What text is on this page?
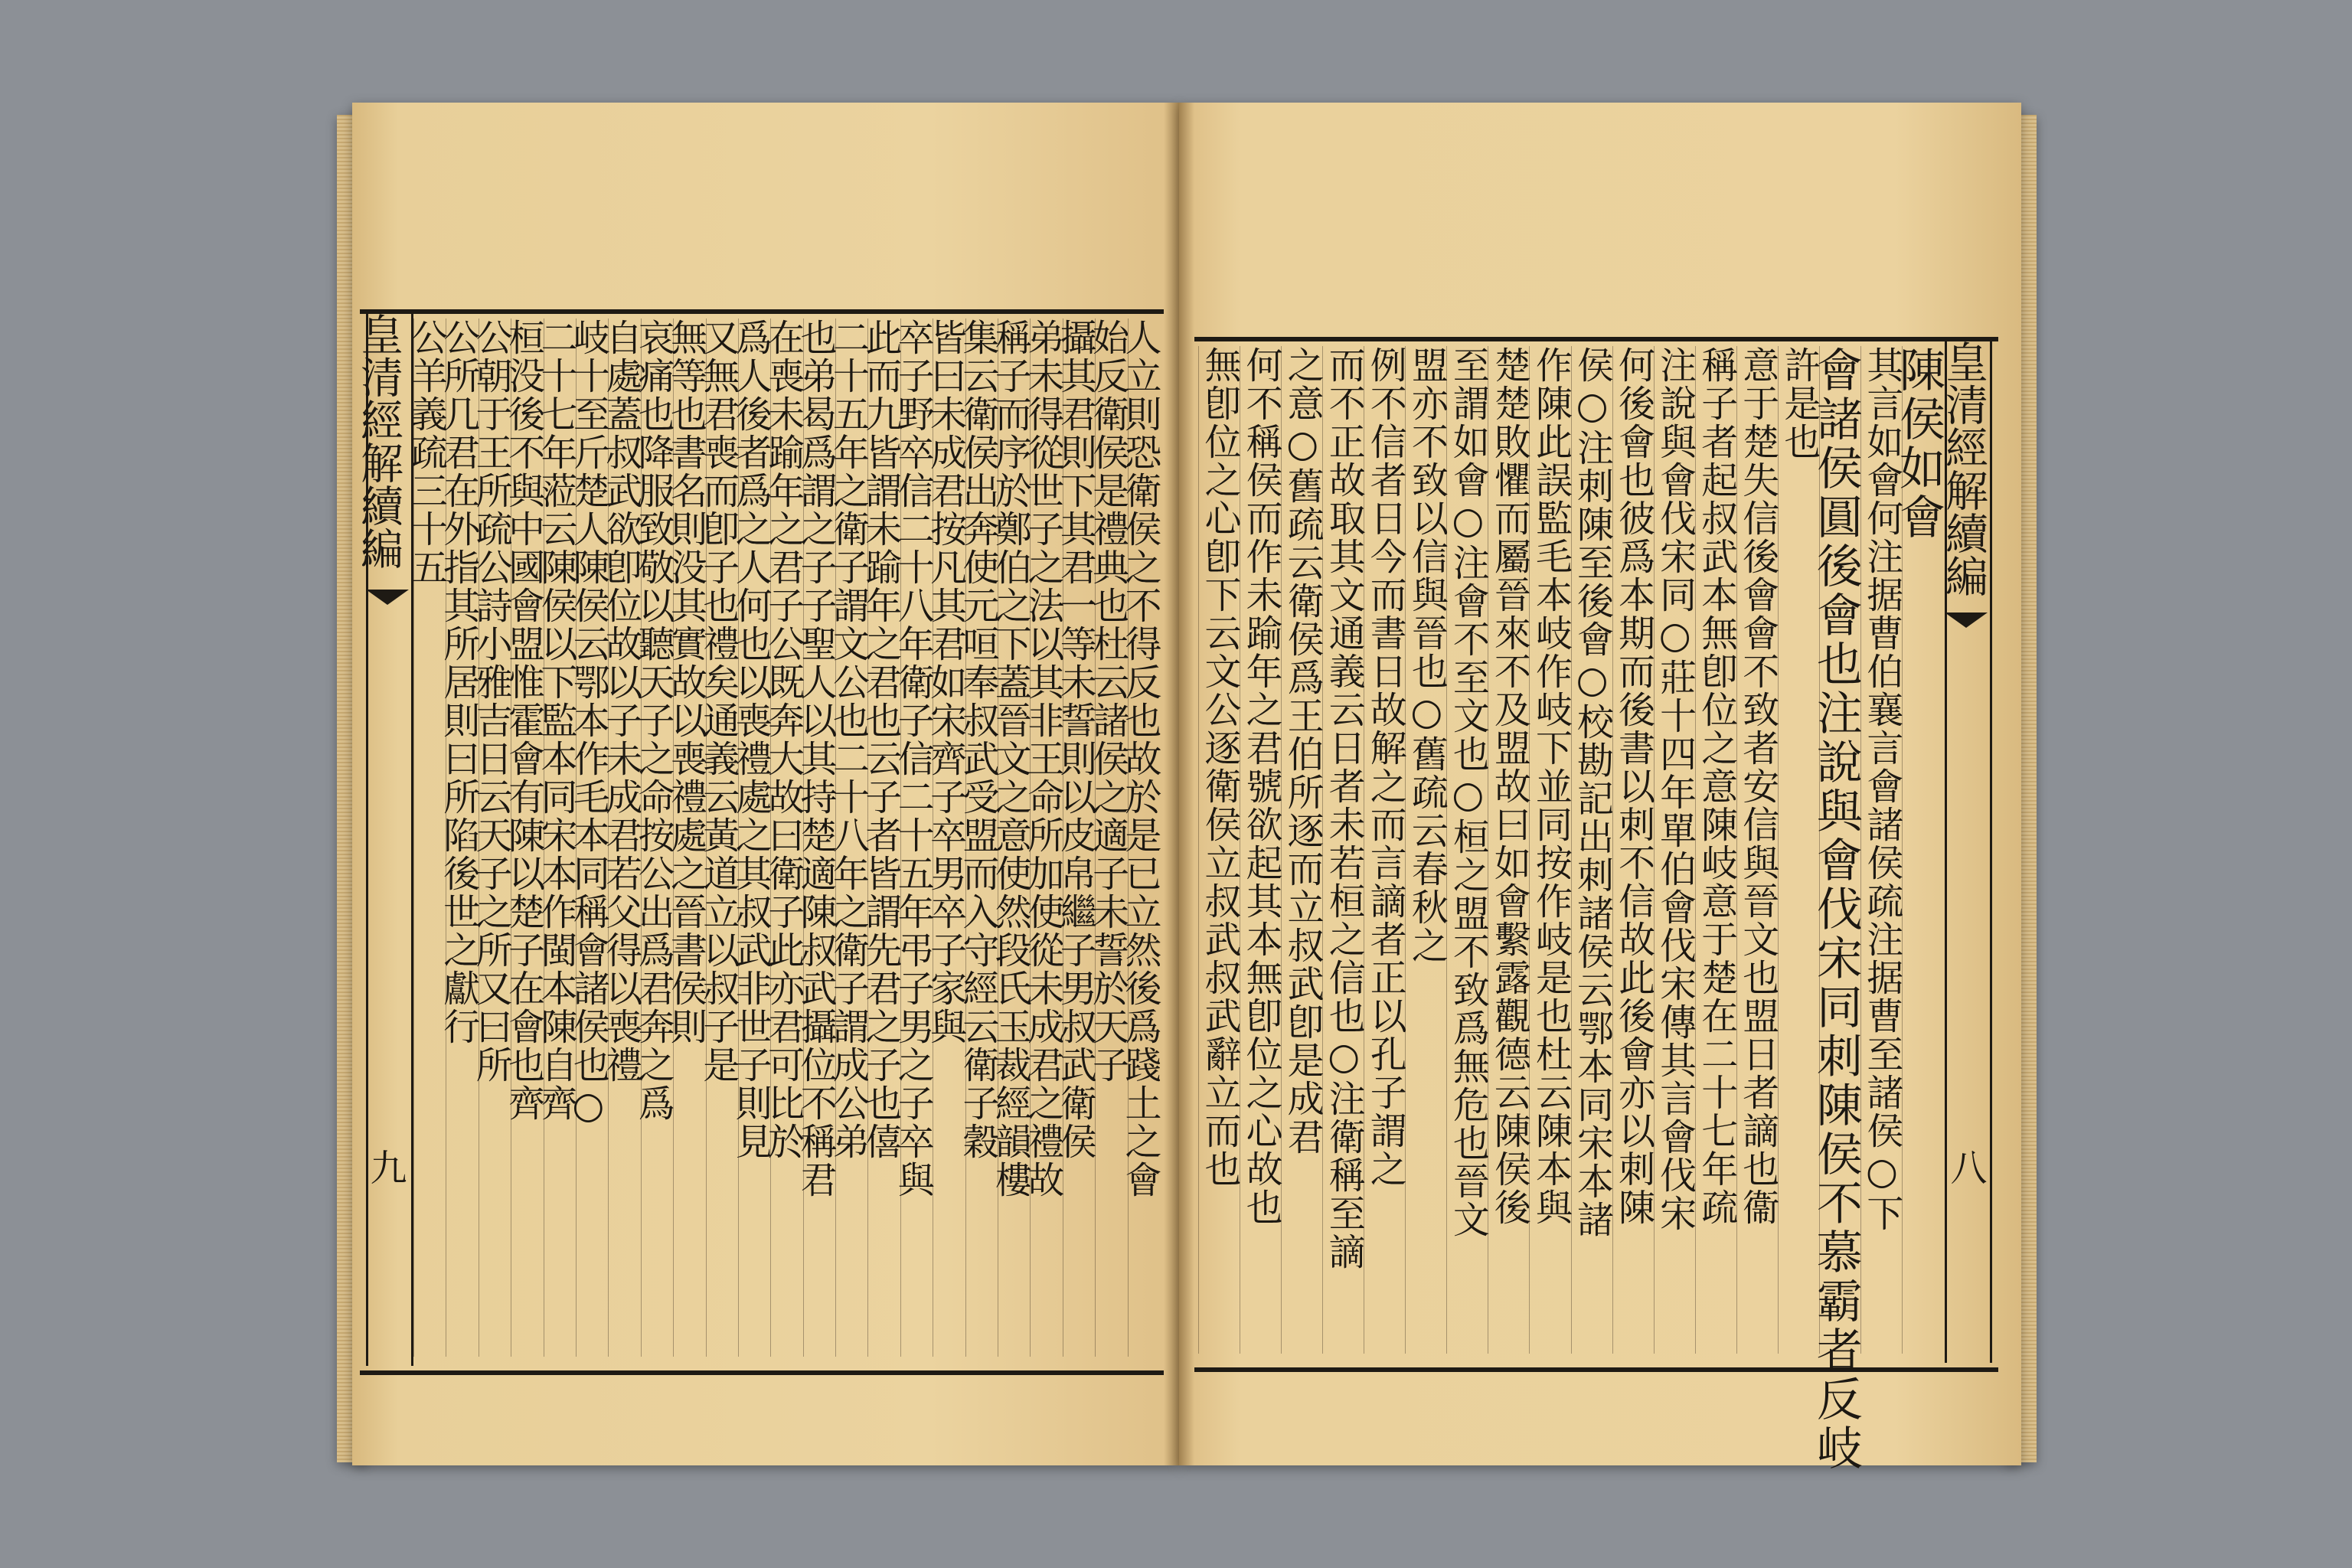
皇清經解續編
九	人立則恐衛侯之不得反也故於是已立然後爲踐土之會
始反衛侯是禮典也杜云諸侯之適子未誓於天子
攝其君則下其君一等未誓則以皮帛繼子男叔武衛侯
弟未得從世子之法以其非王命所加使從未成君之禮故
稱子而序於鄭伯之下蓋晉文之意使然段氏玉裁經韻樓
集云衛侯出奔使元咺奉叔武受盟而入守經云衛子穀
皆曰未成君按凡其君如宋齊子卒男卒子家與
卒子野卒信二十八年衛子信二十五年弔子男之子卒與
此而九皆謂未踰年之君也云子者皆謂先君之子也僖
二十五年之衛子謂文公也二十八年之衛子謂成公弟
也弟曷爲謂之子子聖人以其持楚適陳叔武攝位不稱君
在喪未踰年之君子公既奔大故曰衛子此亦君可比於
爲人後者爲之人何也以喪禮處之其叔武非世子則見
又無君喪而卽子也禮矣通義云黃道立以叔子是
無等也書名則没其實故以喪禮處之晉書侯則
哀痛也降服致敬以聽天子之命按公出爲君奔之爲
自處蓋叔武欲卽位故以子未成君若父得以喪禮
岐十至斤楚人陳侯云鄂本作毛本同稱會諸侯也○
二十七年蒞云陳侯以下監本同宋本作閩本陳自齊
桓没後不與中國會盟惟霍會有陳以楚子在會也齊
公朝于王所疏公詩小雅吉日云天子之所又曰所
公所几君在外指其所居則曰所陷後世之獻行
公羊義疏三十五	皇清經解續編
八
陳侯如會
其言如會何注据曹伯襄言會諸侯疏注据曹至諸侯○下
會諸侯圓後會也注說與會伐宋同刺陳侯不慕霸者反岐
許是也
意于楚失信後會會不致者安信與晉文也盟日者謫也衞
稱子者起叔武本無卽位之意陳岐意于楚在二十七年疏
注說與會伐宋同○莊十四年單伯會伐宋傳其言會伐宋
何後會也彼爲本期而後書以刺不信故此後會亦以刺陳
侯○注刺陳至後會○校勘記出刺諸侯云鄂本同宋本諸
作陳此誤監毛本岐作岐下並同按作岐是也杜云陳本與
楚楚敗懼而屬晉來不及盟故曰如會繫露觀德云陳侯後
至謂如會○注會不至文也○桓之盟不致爲無危也晉文
盟亦不致以信與晉也○舊疏云春秋之
例不信者日今而書日故解之而言謫者正以孔子謂之
而不正故取其文通義云日者未若桓之信也○注衛稱至謫
之意○舊疏云衛侯爲王伯所逐而立叔武卽是成君
何不稱侯而作未踰年之君號欲起其本無卽位之心故也
無卽位之心卽下云文公逐衛侯立叔武叔武辭立而也
